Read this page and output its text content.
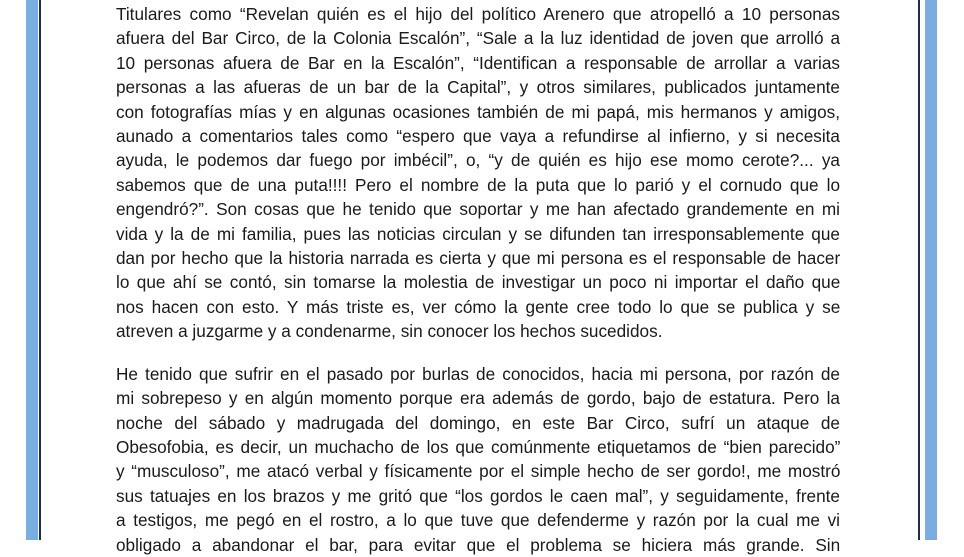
Titulares como “Revelan quién es el hijo del político Arenero que atropelló a 10 personas
afuera del Bar Circo, de la Colonia Escalón”, “Sale a la luz identidad de joven que arrolló a
10 personas afuera de Bar en la Escalón”, “Identifican a responsable de arrollar a varias
personas a las afueras de un bar de la Capital”, y otros similares, publicados juntamente
con fotografías mías y en algunas ocasiones también de mi papá, mis hermanos y amigos,
aunado a comentarios tales como “espero que vaya a refundirse al infierno, y si necesita
ayuda, le podemos dar fuego por imbécil”, o, “y de quién es hijo ese momo cerote?... ya
sabemos que de una puta!!!! Pero el nombre de la puta que lo parió y el cornudo que lo
engendró?”. Son cosas que he tenido que soportar y me han afectado grandemente en mi
vida y la de mi familia, pues las noticias circulan y se difunden tan irresponsablemente que
dan por hecho que la historia narrada es cierta y que mi persona es el responsable de hacer
lo que ahí se contó, sin tomarse la molestia de investigar un poco ni importar el daño que
nos hacen con esto. Y más triste es, ver cómo la gente cree todo lo que se publica y se
atreven a juzgarme y a condenarme, sin conocer los hechos sucedidos.

He tenido que sufrir en el pasado por burlas de conocidos, hacia mi persona, por razón de
mi sobrepeso y en algún momento porque era además de gordo, bajo de estatura. Pero la
noche del sábado y madrugada del domingo, en este Bar Circo, sufrí un ataque de
Obesofobia, es decir, un muchacho de los que comúnmente etiquetamos de “bien parecido”
y “musculoso”, me atacó verbal y físicamente por el simple hecho de ser gordo!, me mostró
sus tatuajes en los brazos y me gritó que “los gordos le caen mal”, y seguidamente, frente
a testigos, me pegó en el rostro, a lo que tuve que defenderme y razón por la cual me vi
obligado a abandonar el bar, para evitar que el problema se hiciera más grande. Sin
